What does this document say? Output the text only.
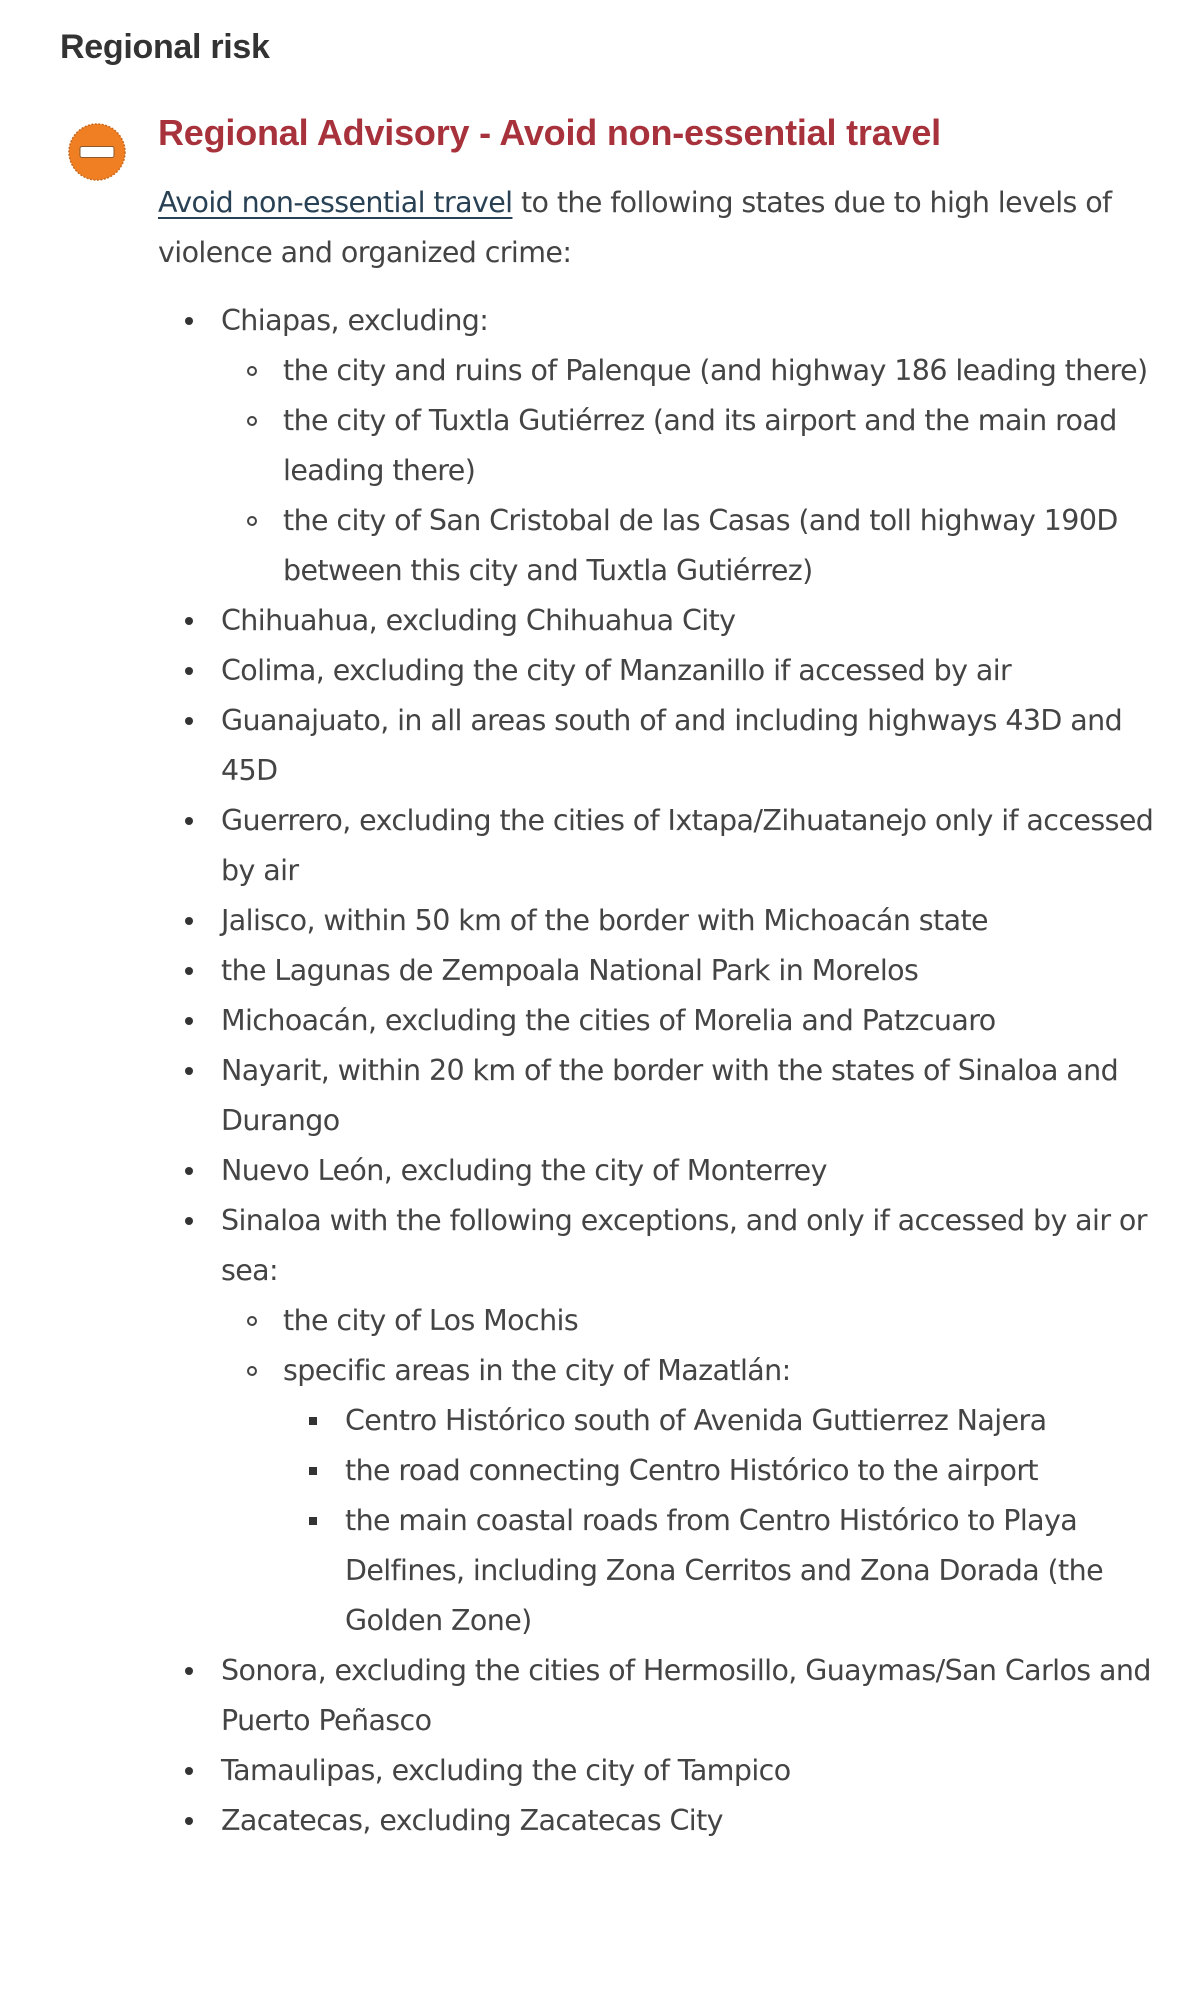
Regional risk
Regional Advisory - Avoid non-essential travel

Avoid non-essential travel to the following states due to high levels of violence and organized crime:

Chiapas, excluding:
the city and ruins of Palenque (and highway 186 leading there)
the city of Tuxtla Gutiérrez (and its airport and the main road leading there)
the city of San Cristobal de las Casas (and toll highway 190D between this city and Tuxtla Gutiérrez)
Chihuahua, excluding Chihuahua City
Colima, excluding the city of Manzanillo if accessed by air
Guanajuato, in all areas south of and including highways 43D and 45D
Guerrero, excluding the cities of Ixtapa/Zihuatanejo only if accessed by air
Jalisco, within 50 km of the border with Michoacán state
the Lagunas de Zempoala National Park in Morelos
Michoacán, excluding the cities of Morelia and Patzcuaro
Nayarit, within 20 km of the border with the states of Sinaloa and Durango
Nuevo León, excluding the city of Monterrey
Sinaloa with the following exceptions, and only if accessed by air or sea:
the city of Los Mochis
specific areas in the city of Mazatlán:
Centro Histórico south of Avenida Guttierrez Najera
the road connecting Centro Histórico to the airport
the main coastal roads from Centro Histórico to Playa Delfines, including Zona Cerritos and Zona Dorada (the Golden Zone)
Sonora, excluding the cities of Hermosillo, Guaymas/San Carlos and Puerto Peñasco
Tamaulipas, excluding the city of Tampico
Zacatecas, excluding Zacatecas City
